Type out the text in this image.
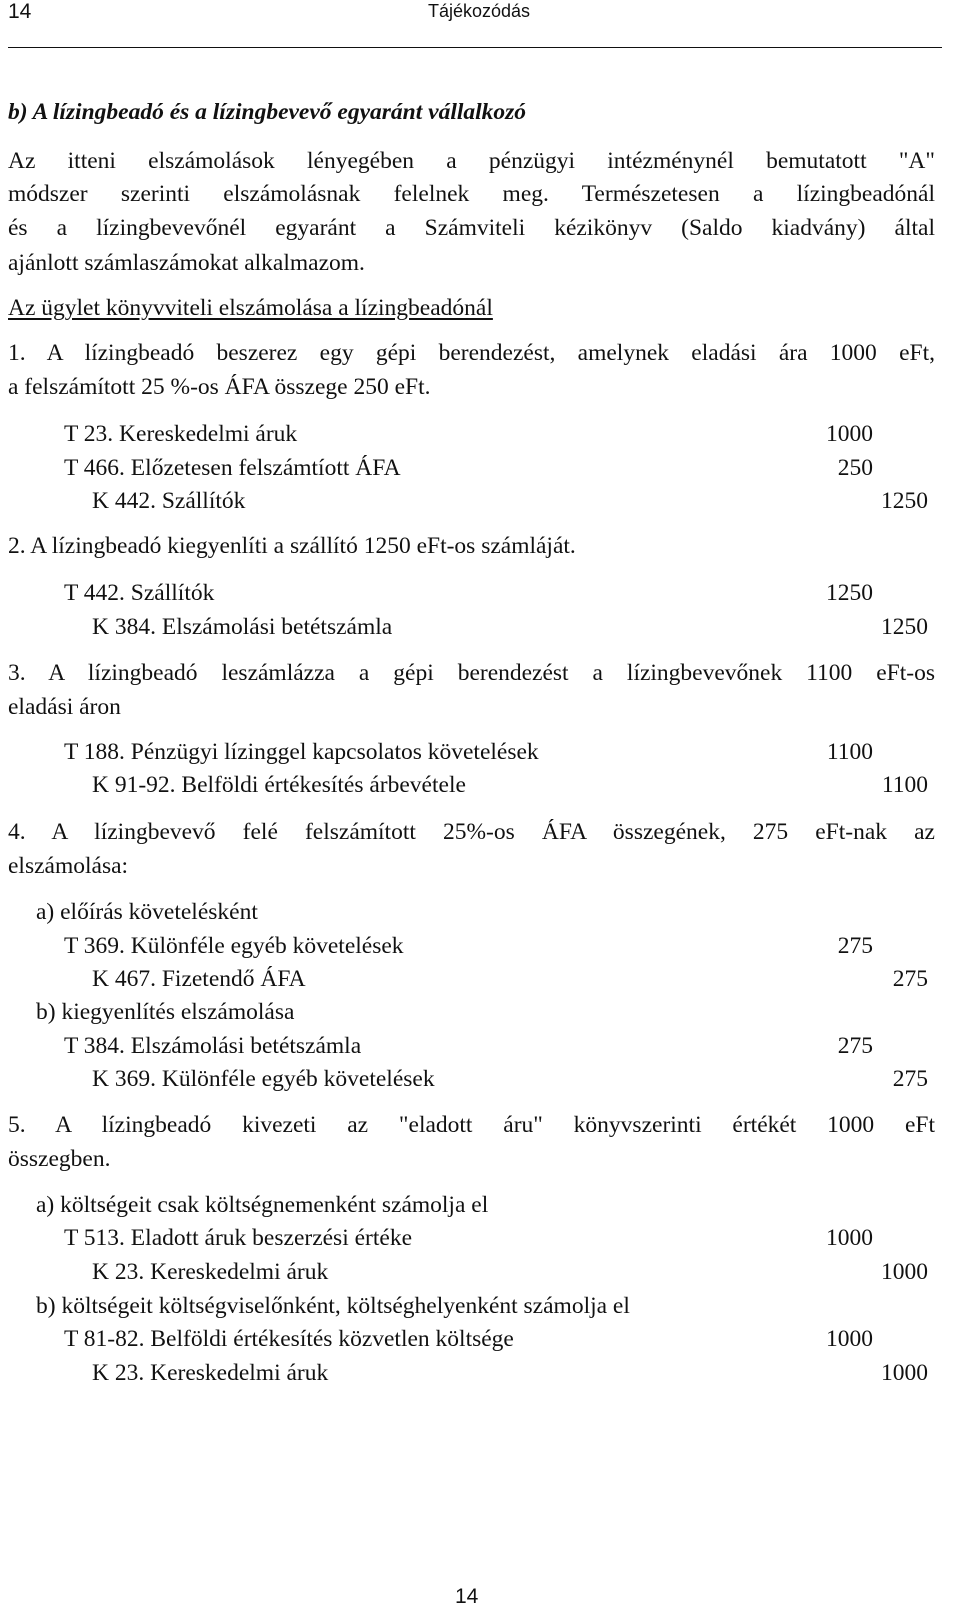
14	Tájékozódás
b) A lízingbeadó és a lízingbevevő egyaránt vállalkozó
Az itteni elszámolások lényegében a pénzügyi intézménynél bemutatott "A"
módszer szerinti elszámolásnak felelnek meg. Természetesen a lízingbeadónál
és a lízingbevevőnél egyaránt a Számviteli kézikönyv (Saldo kiadvány) által
ajánlott számlaszámokat alkalmazom.
Az ügylet könyvviteli elszámolása a lízingbeadónál
1. A lízingbeadó beszerez egy gépi berendezést, amelynek eladási ára 1000 eFt,
a felszámított 25 %-os ÁFA összege 250 eFt.
T 23. Kereskedelmi áruk	1000
T 466. Előzetesen felszámtíott ÁFA	250
K 442. Szállítók	1250
2. A lízingbeadó kiegyenlíti a szállító 1250 eFt-os számláját.
T 442. Szállítók	1250
K 384. Elszámolási betétszámla	1250
3. A lízingbeadó leszámlázza a gépi berendezést a lízingbevevőnek 1100 eFt-os
eladási áron
T 188. Pénzügyi lízinggel kapcsolatos követelések	1100
K 91-92. Belföldi értékesítés árbevétele	1100
4. A lízingbevevő felé felszámított 25%-os ÁFA összegének, 275 eFt-nak az
elszámolása:
a) előírás követelésként
T 369. Különféle egyéb követelések	275
K 467. Fizetendő ÁFA	275
b) kiegyenlítés elszámolása
T 384. Elszámolási betétszámla	275
K 369. Különféle egyéb követelések	275
5. A lízingbeadó kivezeti az "eladott áru" könyvszerinti értékét 1000 eFt
összegben.
a) költségeit csak költségnemenként számolja el
T 513. Eladott áruk beszerzési értéke	1000
K 23. Kereskedelmi áruk	1000
b) költségeit költségviselőnként, költséghelyenként számolja el
T 81-82. Belföldi értékesítés közvetlen költsége	1000
K 23. Kereskedelmi áruk	1000
14
